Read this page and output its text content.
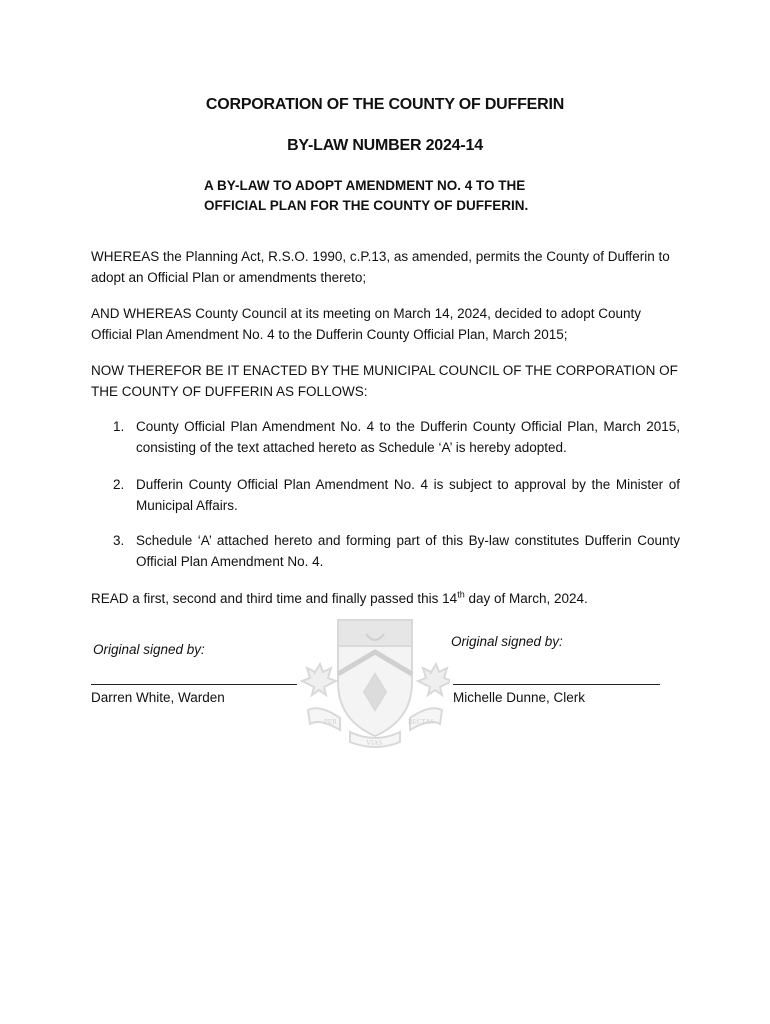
CORPORATION OF THE COUNTY OF DUFFERIN
BY-LAW NUMBER 2024-14
A BY-LAW TO ADOPT AMENDMENT NO. 4 TO THE
OFFICIAL PLAN FOR THE COUNTY OF DUFFERIN.
WHEREAS the Planning Act, R.S.O. 1990, c.P.13, as amended, permits the County of Dufferin to adopt an Official Plan or amendments thereto;
AND WHEREAS County Council at its meeting on March 14, 2024, decided to adopt County Official Plan Amendment No. 4 to the Dufferin County Official Plan, March 2015;
NOW THEREFOR BE IT ENACTED BY THE MUNICIPAL COUNCIL OF THE CORPORATION OF THE COUNTY OF DUFFERIN AS FOLLOWS:
1. County Official Plan Amendment No. 4 to the Dufferin County Official Plan, March 2015, consisting of the text attached hereto as Schedule ‘A’ is hereby adopted.
2. Dufferin County Official Plan Amendment No. 4 is subject to approval by the Minister of Municipal Affairs.
3. Schedule ‘A’ attached hereto and forming part of this By-law constitutes Dufferin County Official Plan Amendment No. 4.
READ a first, second and third time and finally passed this 14th day of March, 2024.
PER
VIAS
RECTAS
Original signed by:
Original signed by:
Darren White, Warden	Michelle Dunne, Clerk
